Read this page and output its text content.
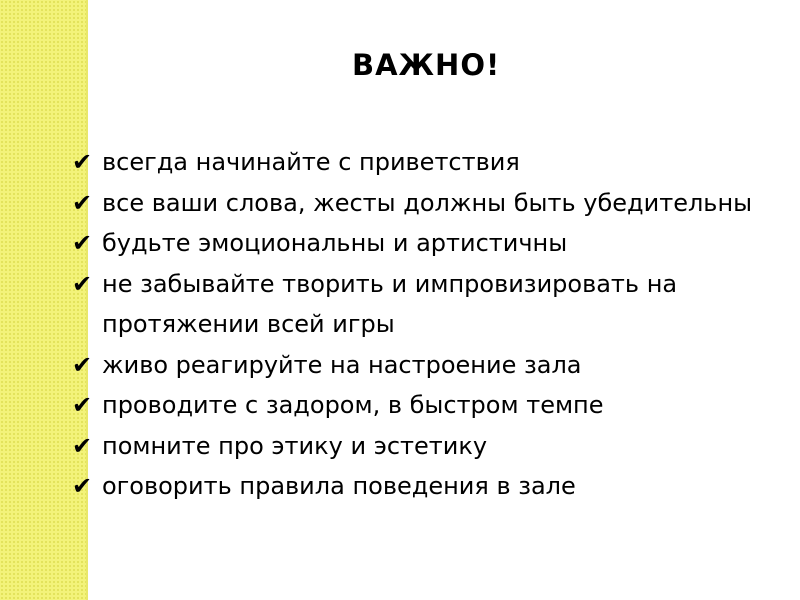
ВАЖНО!
✔ всегда начинайте с приветствия
✔ все ваши слова, жесты должны быть убедительны
✔ будьте эмоциональны и артистичны
✔ не забывайте творить и импровизировать на протяжении всей игры
✔ живо реагируйте на настроение зала
✔ проводите с задором, в быстром темпе
✔ помните про этику и эстетику
✔ оговорить правила поведения в зале
